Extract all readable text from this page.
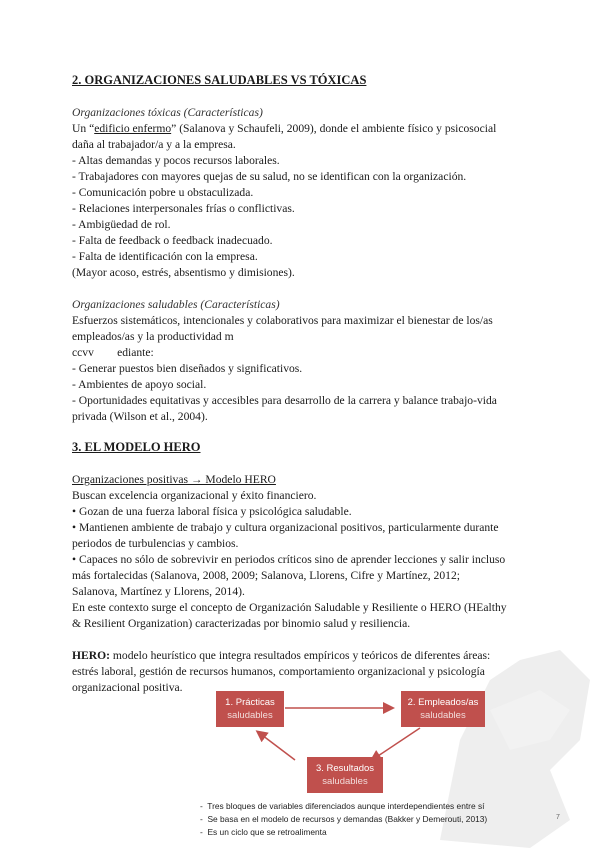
2. ORGANIZACIONES SALUDABLES VS TÓXICAS
Organizaciones tóxicas (Características)
Un “edificio enfermo” (Salanova y Schaufeli, 2009), donde el ambiente físico y psicosocial
daña al trabajador/a y a la empresa.
- Altas demandas y pocos recursos laborales.
- Trabajadores con mayores quejas de su salud, no se identifican con la organización.
- Comunicación pobre u obstaculizada.
- Relaciones interpersonales frías o conflictivas.
- Ambigüedad de rol.
- Falta de feedback o feedback inadecuado.
- Falta de identificación con la empresa.
(Mayor acoso, estrés, absentismo y dimisiones).
Organizaciones saludables (Características)
Esfuerzos sistemáticos, intencionales y colaborativos para maximizar el bienestar de los/as
empleados/as y la productividad m
ccvv        ediante:
- Generar puestos bien diseñados y significativos.
- Ambientes de apoyo social.
- Oportunidades equitativas y accesibles para desarrollo de la carrera y balance trabajo-vida
privada (Wilson et al., 2004).
3. EL MODELO HERO
Organizaciones positivas → Modelo HERO
Buscan excelencia organizacional y éxito financiero.
• Gozan de una fuerza laboral física y psicológica saludable.
• Mantienen ambiente de trabajo y cultura organizacional positivos, particularmente durante
periodos de turbulencias y cambios.
• Capaces no sólo de sobrevivir en periodos críticos sino de aprender lecciones y salir incluso
más fortalecidas (Salanova, 2008, 2009; Salanova, Llorens, Cifre y Martínez, 2012;
Salanova, Martínez y Llorens, 2014).
En este contexto surge el concepto de Organización Saludable y Resiliente o HERO (HEalthy
& Resilient Organization) caracterizadas por binomio salud y resiliencia.
HERO: modelo heurístico que integra resultados empíricos y teóricos de diferentes áreas:
estrés laboral, gestión de recursos humanos, comportamiento organizacional y psicología
organizacional positiva.
1. Prácticas
saludables
2. Empleados/as
saludables
3. Resultados
saludables
-  Tres bloques de variables diferenciados aunque interdependientes entre sí
-  Se basa en el modelo de recursos y demandas (Bakker y Demerouti, 2013)
-  Es un ciclo que se retroalimenta
7
